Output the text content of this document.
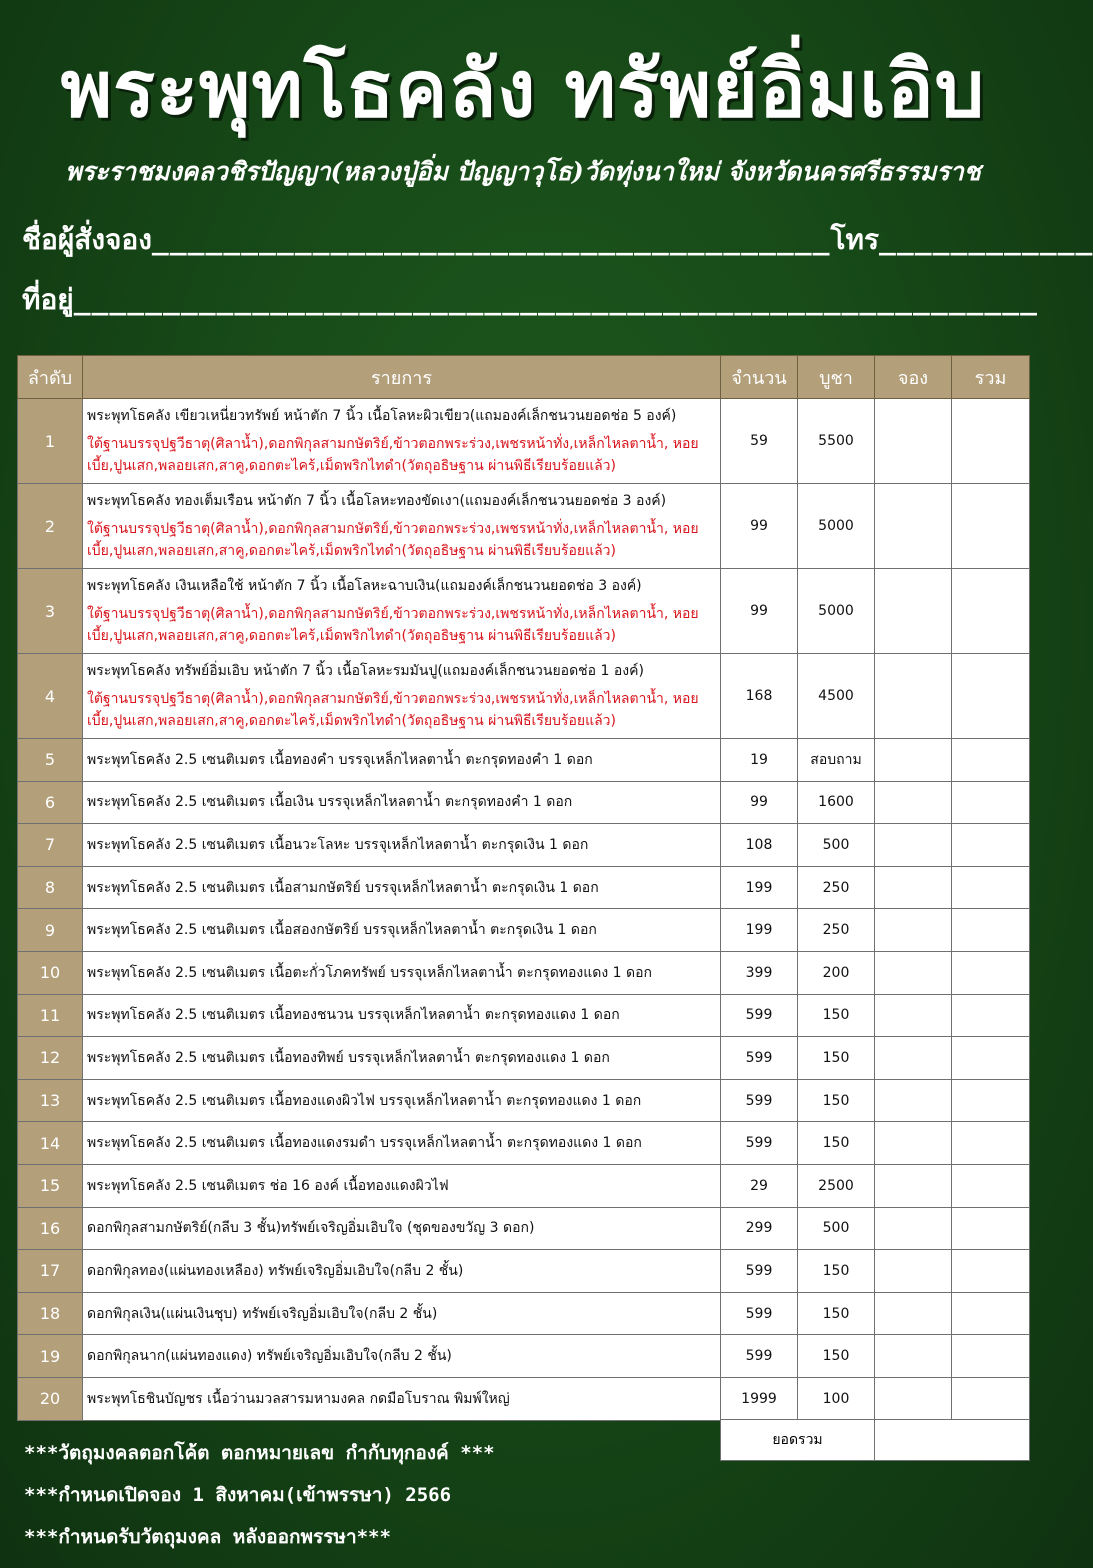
พระพุทโธคลัง ทรัพย์อิ่มเอิบ
พระราชมงคลวชิรปัญญา(หลวงปู่อิ่ม ปัญญาวุโธ)วัดทุ่งนาใหม่ จังหวัดนครศรีธรรมราช
ชื่อผู้สั่งจอง______________________________________โทร____________
ที่อยู่______________________________________________________
ลำดับ	รายการ	จำนวน	บูชา	จอง	รวม
1	พระพุทโธคลัง เขียวเหนี่ยวทรัพย์ หน้าตัก 7 นิ้ว เนื้อโลหะผิวเขียว(แถมองค์เล็กชนวนยอดช่อ 5 องค์)
ใต้ฐานบรรจุปฐวีธาตุ(ศิลาน้ำ),ดอกพิกุลสามกษัตริย์,ข้าวตอกพระร่วง,เพชรหน้าทั่ง,เหล็กไหลตาน้ำ, หอยเบี้ย,ปูนเสก,พลอยเสก,สาคู,ดอกตะไคร้,เม็ดพริกไทดำ(วัตถุอธิษฐาน ผ่านพิธีเรียบร้อยแล้ว)	59	5500		
2	พระพุทโธคลัง ทองเต็มเรือน หน้าตัก 7 นิ้ว เนื้อโลหะทองขัดเงา(แถมองค์เล็กชนวนยอดช่อ 3 องค์)
ใต้ฐานบรรจุปฐวีธาตุ(ศิลาน้ำ),ดอกพิกุลสามกษัตริย์,ข้าวตอกพระร่วง,เพชรหน้าทั่ง,เหล็กไหลตาน้ำ, หอยเบี้ย,ปูนเสก,พลอยเสก,สาคู,ดอกตะไคร้,เม็ดพริกไทดำ(วัตถุอธิษฐาน ผ่านพิธีเรียบร้อยแล้ว)	99	5000		
3	พระพุทโธคลัง เงินเหลือใช้ หน้าตัก 7 นิ้ว เนื้อโลหะฉาบเงิน(แถมองค์เล็กชนวนยอดช่อ 3 องค์)
ใต้ฐานบรรจุปฐวีธาตุ(ศิลาน้ำ),ดอกพิกุลสามกษัตริย์,ข้าวตอกพระร่วง,เพชรหน้าทั่ง,เหล็กไหลตาน้ำ, หอยเบี้ย,ปูนเสก,พลอยเสก,สาคู,ดอกตะไคร้,เม็ดพริกไทดำ(วัตถุอธิษฐาน ผ่านพิธีเรียบร้อยแล้ว)	99	5000		
4	พระพุทโธคลัง ทรัพย์อิ่มเอิบ หน้าตัก 7 นิ้ว เนื้อโลหะรมมันปู(แถมองค์เล็กชนวนยอดช่อ 1 องค์)
ใต้ฐานบรรจุปฐวีธาตุ(ศิลาน้ำ),ดอกพิกุลสามกษัตริย์,ข้าวตอกพระร่วง,เพชรหน้าทั่ง,เหล็กไหลตาน้ำ, หอยเบี้ย,ปูนเสก,พลอยเสก,สาคู,ดอกตะไคร้,เม็ดพริกไทดำ(วัตถุอธิษฐาน ผ่านพิธีเรียบร้อยแล้ว)	168	4500		
5	พระพุทโธคลัง 2.5 เซนติเมตร เนื้อทองคำ บรรจุเหล็กไหลตาน้ำ ตะกรุดทองคำ 1 ดอก	19	สอบถาม		
6	พระพุทโธคลัง 2.5 เซนติเมตร เนื้อเงิน บรรจุเหล็กไหลตาน้ำ ตะกรุดทองคำ 1 ดอก	99	1600		
7	พระพุทโธคลัง 2.5 เซนติเมตร เนื้อนวะโลหะ บรรจุเหล็กไหลตาน้ำ ตะกรุดเงิน 1 ดอก	108	500		
8	พระพุทโธคลัง 2.5 เซนติเมตร เนื้อสามกษัตริย์ บรรจุเหล็กไหลตาน้ำ ตะกรุดเงิน 1 ดอก	199	250		
9	พระพุทโธคลัง 2.5 เซนติเมตร เนื้อสองกษัตริย์ บรรจุเหล็กไหลตาน้ำ ตะกรุดเงิน 1 ดอก	199	250		
10	พระพุทโธคลัง 2.5 เซนติเมตร เนื้อตะกั่วโภคทรัพย์ บรรจุเหล็กไหลตาน้ำ ตะกรุดทองแดง 1 ดอก	399	200		
11	พระพุทโธคลัง 2.5 เซนติเมตร เนื้อทองชนวน บรรจุเหล็กไหลตาน้ำ ตะกรุดทองแดง 1 ดอก	599	150		
12	พระพุทโธคลัง 2.5 เซนติเมตร เนื้อทองทิพย์ บรรจุเหล็กไหลตาน้ำ ตะกรุดทองแดง 1 ดอก	599	150		
13	พระพุทโธคลัง 2.5 เซนติเมตร เนื้อทองแดงผิวไฟ บรรจุเหล็กไหลตาน้ำ ตะกรุดทองแดง 1 ดอก	599	150		
14	พระพุทโธคลัง 2.5 เซนติเมตร เนื้อทองแดงรมดำ บรรจุเหล็กไหลตาน้ำ ตะกรุดทองแดง 1 ดอก	599	150		
15	พระพุทโธคลัง 2.5 เซนติเมตร ช่อ 16 องค์ เนื้อทองแดงผิวไฟ	29	2500		
16	ดอกพิกุลสามกษัตริย์(กลีบ 3 ชั้น)ทรัพย์เจริญอิ่มเอิบใจ (ชุดของขวัญ 3 ดอก)	299	500		
17	ดอกพิกุลทอง(แผ่นทองเหลือง) ทรัพย์เจริญอิ่มเอิบใจ(กลีบ 2 ชั้น)	599	150		
18	ดอกพิกุลเงิน(แผ่นเงินชุบ) ทรัพย์เจริญอิ่มเอิบใจ(กลีบ 2 ชั้น)	599	150		
19	ดอกพิกุลนาก(แผ่นทองแดง) ทรัพย์เจริญอิ่มเอิบใจ(กลีบ 2 ชั้น)	599	150		
20	พระพุทโธชินบัญชร เนื้อว่านมวลสารมหามงคล กดมือโบราณ พิมพ์ใหญ่	1999	100		
ยอดรวม	
***วัตถุมงคลตอกโค้ต ตอกหมายเลข กำกับทุกองค์ ***
***กำหนดเปิดจอง 1 สิงหาคม(เข้าพรรษา) 2566
***กำหนดรับวัตถุมงคล หลังออกพรรษา***
